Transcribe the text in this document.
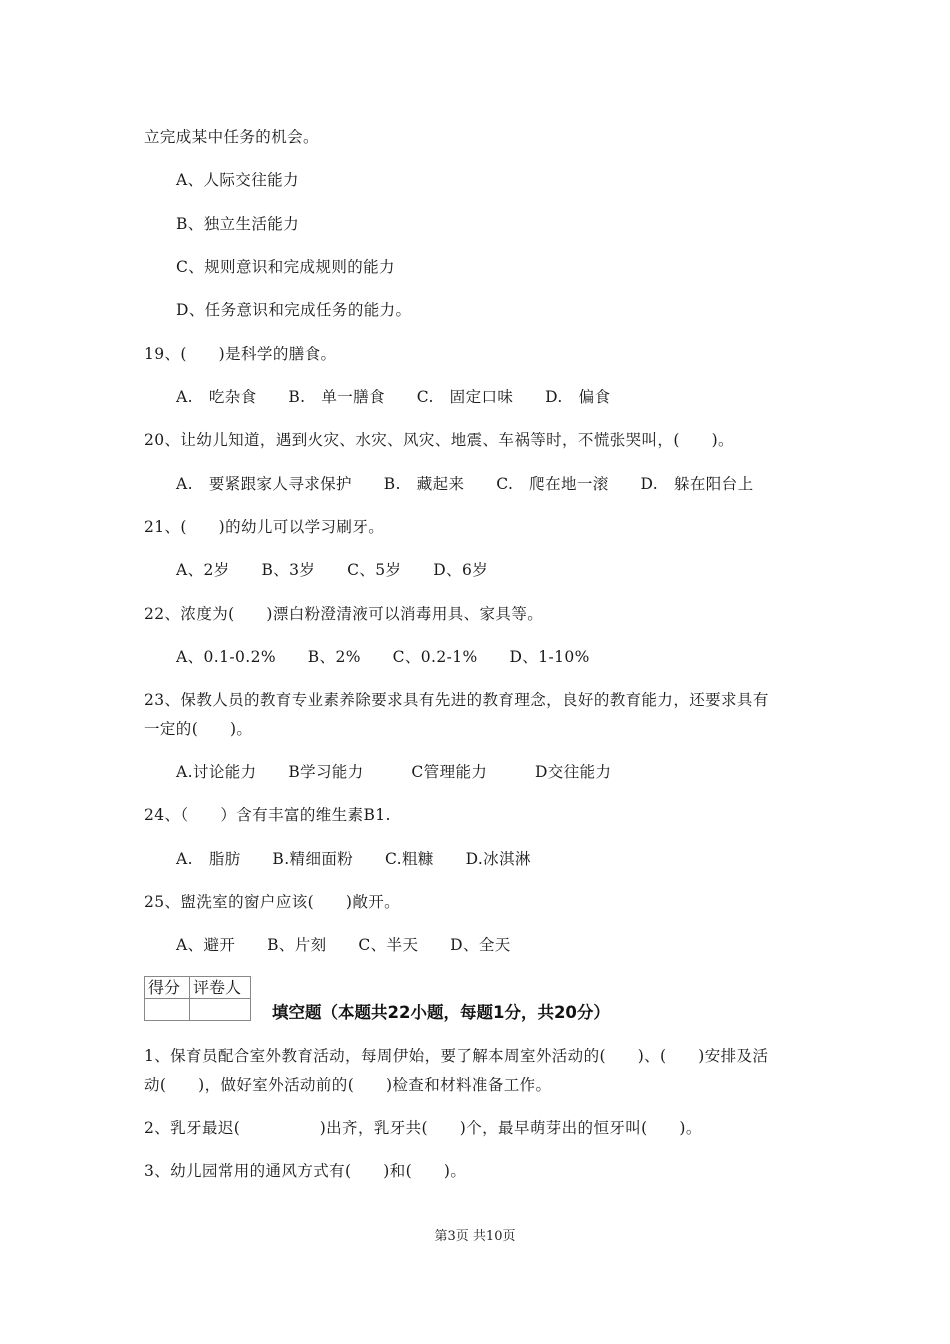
立完成某中任务的机会。
A、人际交往能力
B、独立生活能力
C、规则意识和完成规则的能力
D、任务意识和完成任务的能力。
19、(　　)是科学的膳食。
A.　吃杂食　　B.　单一膳食　　C.　固定口味　　D.　偏食
20、让幼儿知道，遇到火灾、水灾、风灾、地震、车祸等时，不慌张哭叫，(　　)。
A.　要紧跟家人寻求保护　　B.　藏起来　　C.　爬在地一滚　　D.　躲在阳台上
21、(　　)的幼儿可以学习刷牙。
A、2岁　　B、3岁　　C、5岁　　D、6岁
22、浓度为(　　)漂白粉澄清液可以消毒用具、家具等。
A、0.1-0.2%　　B、2%　　C、0.2-1%　　D、1-10%
23、保教人员的教育专业素养除要求具有先进的教育理念，良好的教育能力，还要求具有
一定的(　　)。
A.讨论能力　　B学习能力　　　C管理能力　　　D交往能力
24、（　　）含有丰富的维生素B1.
A.　脂肪　　B.精细面粉　　C.粗糠　　D.冰淇淋
25、盥洗室的窗户应该(　　)敞开。
A、避开　　B、片刻　　C、半天　　D、全天
得分	评卷人

填空题（本题共22小题，每题1分，共20分）
1、保育员配合室外教育活动，每周伊始，要了解本周室外活动的(　　)、(　　)安排及活
动(　　)，做好室外活动前的(　　)检查和材料准备工作。
2、乳牙最迟(　　　　　)出齐，乳牙共(　　)个，最早萌芽出的恒牙叫(　　)。
3、幼儿园常用的通风方式有(　　)和(　　)。
第3页 共10页
